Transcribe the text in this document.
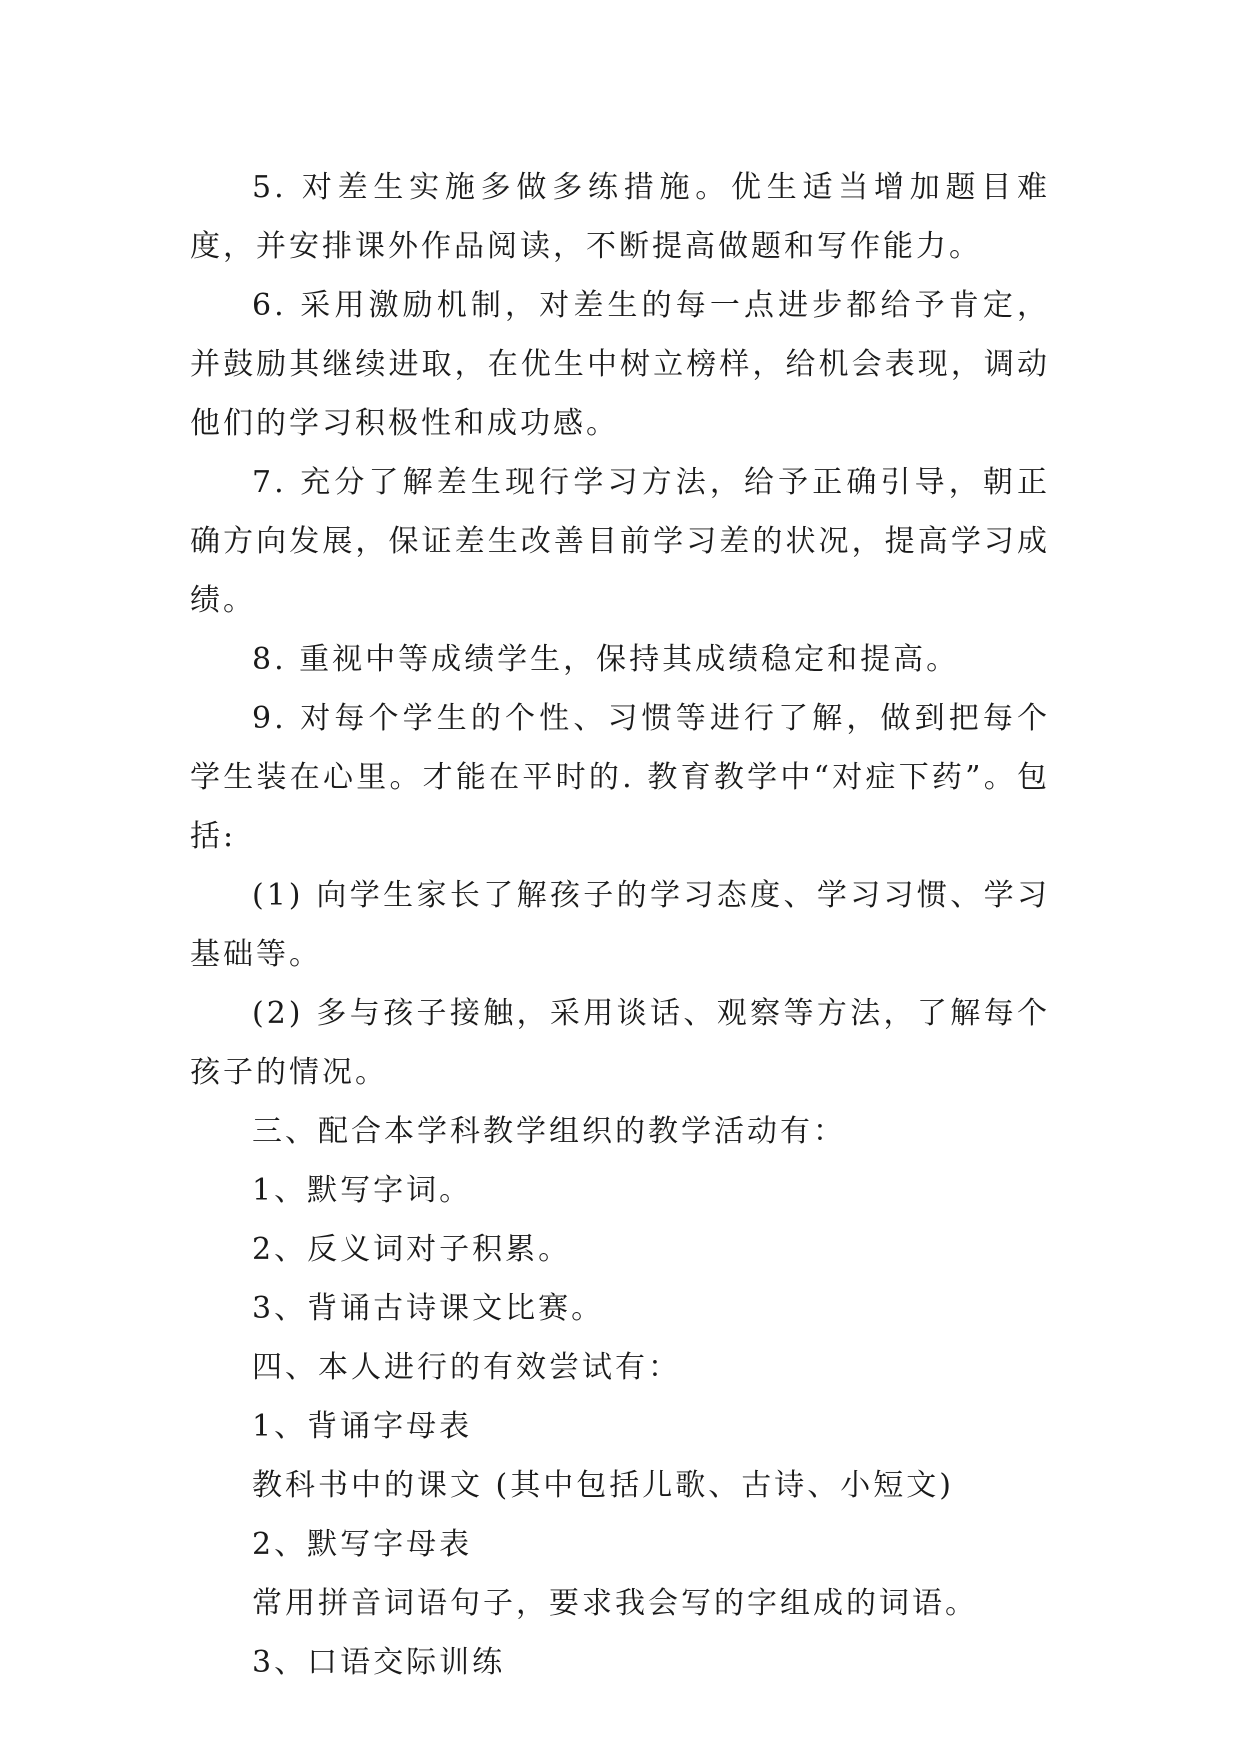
5. 对差生实施多做多练措施。优生适当增加题目难度，并安排课外作品阅读，不断提高做题和写作能力。

6. 采用激励机制，对差生的每一点进步都给予肯定，并鼓励其继续进取，在优生中树立榜样，给机会表现，调动他们的学习积极性和成功感。

7. 充分了解差生现行学习方法，给予正确引导，朝正确方向发展，保证差生改善目前学习差的状况，提高学习成绩。

8. 重视中等成绩学生，保持其成绩稳定和提高。

9. 对每个学生的个性、习惯等进行了解，做到把每个学生装在心里。才能在平时的. 教育教学中“对症下药”。包括:

(1) 向学生家长了解孩子的学习态度、学习习惯、学习基础等。

(2) 多与孩子接触，采用谈话、观察等方法，了解每个孩子的情况。

三、配合本学科教学组织的教学活动有：

1、默写字词。

2、反义词对子积累。

3、背诵古诗课文比赛。

四、本人进行的有效尝试有：

1、背诵字母表

教科书中的课文 (其中包括儿歌、古诗、小短文)

2、默写字母表

常用拼音词语句子，要求我会写的字组成的词语。

3、口语交际训练
